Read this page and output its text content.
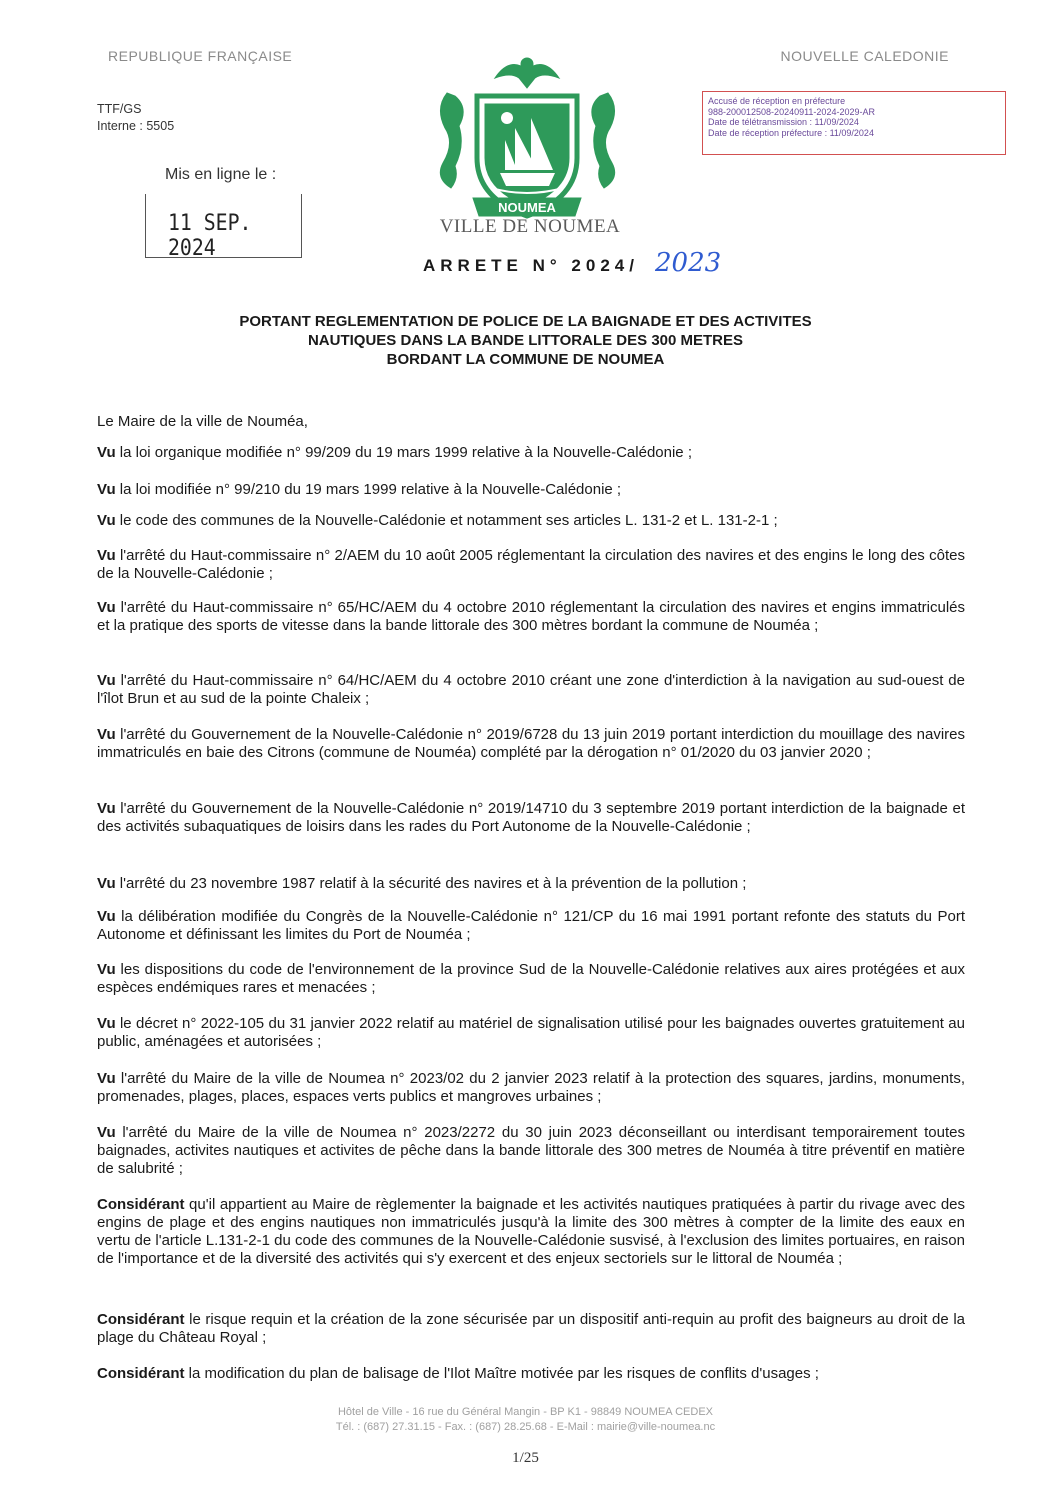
REPUBLIQUE FRANÇAISE	NOUVELLE CALEDONIE
TTF/GS
Interne : 5505
Accusé de réception en préfecture
988-200012508-20240911-2024-2029-AR
Date de télétransmission : 11/09/2024
Date de réception préfecture : 11/09/2024
Mis en ligne le :
11 SEP. 2024
NOUMEA
VILLE DE NOUMEA
ARRETE N° 2024/ 2023
PORTANT REGLEMENTATION DE POLICE DE LA BAIGNADE ET DES ACTIVITES
NAUTIQUES DANS LA BANDE LITTORALE DES 300 METRES
BORDANT LA COMMUNE DE NOUMEA
Le Maire de la ville de Nouméa,
Vu la loi organique modifiée n° 99/209 du 19 mars 1999 relative à la Nouvelle-Calédonie ;
Vu la loi modifiée n° 99/210 du 19 mars 1999 relative à la Nouvelle-Calédonie ;
Vu le code des communes de la Nouvelle-Calédonie et notamment ses articles L. 131-2 et L. 131-2-1 ;
Vu l'arrêté du Haut-commissaire n° 2/AEM du 10 août 2005 réglementant la circulation des navires et des engins le long des côtes de la Nouvelle-Calédonie ;
Vu l'arrêté du Haut-commissaire n° 65/HC/AEM du 4 octobre 2010 réglementant la circulation des navires et engins immatriculés et la pratique des sports de vitesse dans la bande littorale des 300 mètres bordant la commune de Nouméa ;
Vu l'arrêté du Haut-commissaire n° 64/HC/AEM du 4 octobre 2010 créant une zone d'interdiction à la navigation au sud-ouest de l'îlot Brun et au sud de la pointe Chaleix ;
Vu l'arrêté du Gouvernement de la Nouvelle-Calédonie n° 2019/6728 du 13 juin 2019 portant interdiction du mouillage des navires immatriculés en baie des Citrons (commune de Nouméa) complété par la dérogation n° 01/2020 du 03 janvier 2020 ;
Vu l'arrêté du Gouvernement de la Nouvelle-Calédonie n° 2019/14710 du 3 septembre 2019 portant interdiction de la baignade et des activités subaquatiques de loisirs dans les rades du Port Autonome de la Nouvelle-Calédonie ;
Vu l'arrêté du 23 novembre 1987 relatif à la sécurité des navires et à la prévention de la pollution ;
Vu la délibération modifiée du Congrès de la Nouvelle-Calédonie n° 121/CP du 16 mai 1991 portant refonte des statuts du Port Autonome et définissant les limites du Port de Nouméa ;
Vu les dispositions du code de l'environnement de la province Sud de la Nouvelle-Calédonie relatives aux aires protégées et aux espèces endémiques rares et menacées ;
Vu le décret n° 2022-105 du 31 janvier 2022 relatif au matériel de signalisation utilisé pour les baignades ouvertes gratuitement au public, aménagées et autorisées ;
Vu l'arrêté du Maire de la ville de Noumea n° 2023/02 du 2 janvier 2023 relatif à la protection des squares, jardins, monuments, promenades, plages, places, espaces verts publics et mangroves urbaines ;
Vu l'arrêté du Maire de la ville de Noumea n° 2023/2272 du 30 juin 2023 déconseillant ou interdisant temporairement toutes baignades, activites nautiques et activites de pêche dans la bande littorale des 300 metres de Nouméa à titre préventif en matière de salubrité ;
Considérant qu'il appartient au Maire de règlementer la baignade et les activités nautiques pratiquées à partir du rivage avec des engins de plage et des engins nautiques non immatriculés jusqu'à la limite des 300 mètres à compter de la limite des eaux en vertu de l'article L.131-2-1 du code des communes de la Nouvelle-Calédonie susvisé, à l'exclusion des limites portuaires, en raison de l'importance et de la diversité des activités qui s'y exercent et des enjeux sectoriels sur le littoral de Nouméa ;
Considérant le risque requin et la création de la zone sécurisée par un dispositif anti-requin au profit des baigneurs au droit de la plage du Château Royal ;
Considérant la modification du plan de balisage de l'Ilot Maître motivée par les risques de conflits d'usages ;
Hôtel de Ville - 16 rue du Général Mangin - BP K1 - 98849 NOUMEA CEDEX
Tél. : (687) 27.31.15 - Fax. : (687) 28.25.68 - E-Mail : mairie@ville-noumea.nc
1/25
